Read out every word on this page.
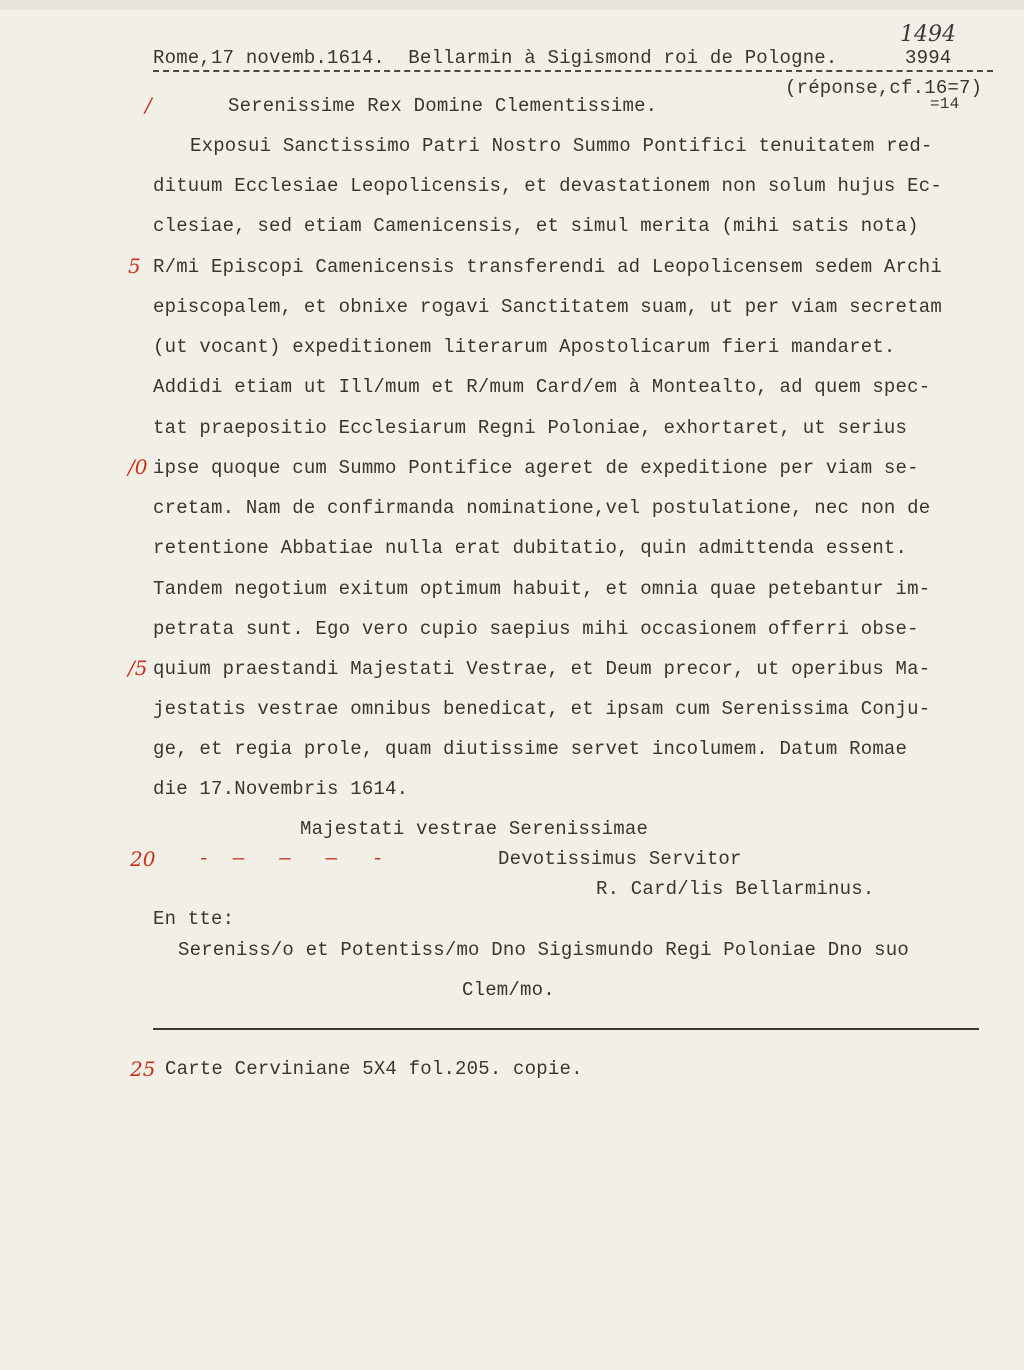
Rome,17 novemb.1614.  Bellarmin à Sigismond roi de Pologne.
1494
3994
(réponse,cf.16=7)
=14
/
5
/0
/5
20
25
Serenissime Rex Domine Clementissime.
Exposui Sanctissimo Patri Nostro Summo Pontifici tenuitatem red-
dituum Ecclesiae Leopolicensis, et devastationem non solum hujus Ec-
clesiae, sed etiam Camenicensis, et simul merita (mihi satis nota)
R/mi Episcopi Camenicensis transferendi ad Leopolicensem sedem Archi
episcopalem, et obnixe rogavi Sanctitatem suam, ut per viam secretam
(ut vocant) expeditionem literarum Apostolicarum fieri mandaret.
Addidi etiam ut Ill/mum et R/mum Card/em à Montealto, ad quem spec-
tat praepositio Ecclesiarum Regni Poloniae, exhortaret, ut serius
ipse quoque cum Summo Pontifice ageret de expeditione per viam se-
cretam. Nam de confirmanda nominatione,vel postulatione, nec non de
retentione Abbatiae nulla erat dubitatio, quin admittenda essent.
Tandem negotium exitum optimum habuit, et omnia quae petebantur im-
petrata sunt. Ego vero cupio saepius mihi occasionem offerri obse-
quium praestandi Majestati Vestrae, et Deum precor, ut operibus Ma-
jestatis vestrae omnibus benedicat, et ipsam cum Serenissima Conju-
ge, et regia prole, quam diutissime servet incolumem. Datum Romae
die 17.Novembris 1614.
Majestati vestrae Serenissimae
-  —   —   —   -	Devotissimus Servitor
R. Card/lis Bellarminus.
En tte:
Sereniss/o et Potentiss/mo Dno Sigismundo Regi Poloniae Dno suo
Clem/mo.
Carte Cerviniane 5X4 fol.205. copie.
